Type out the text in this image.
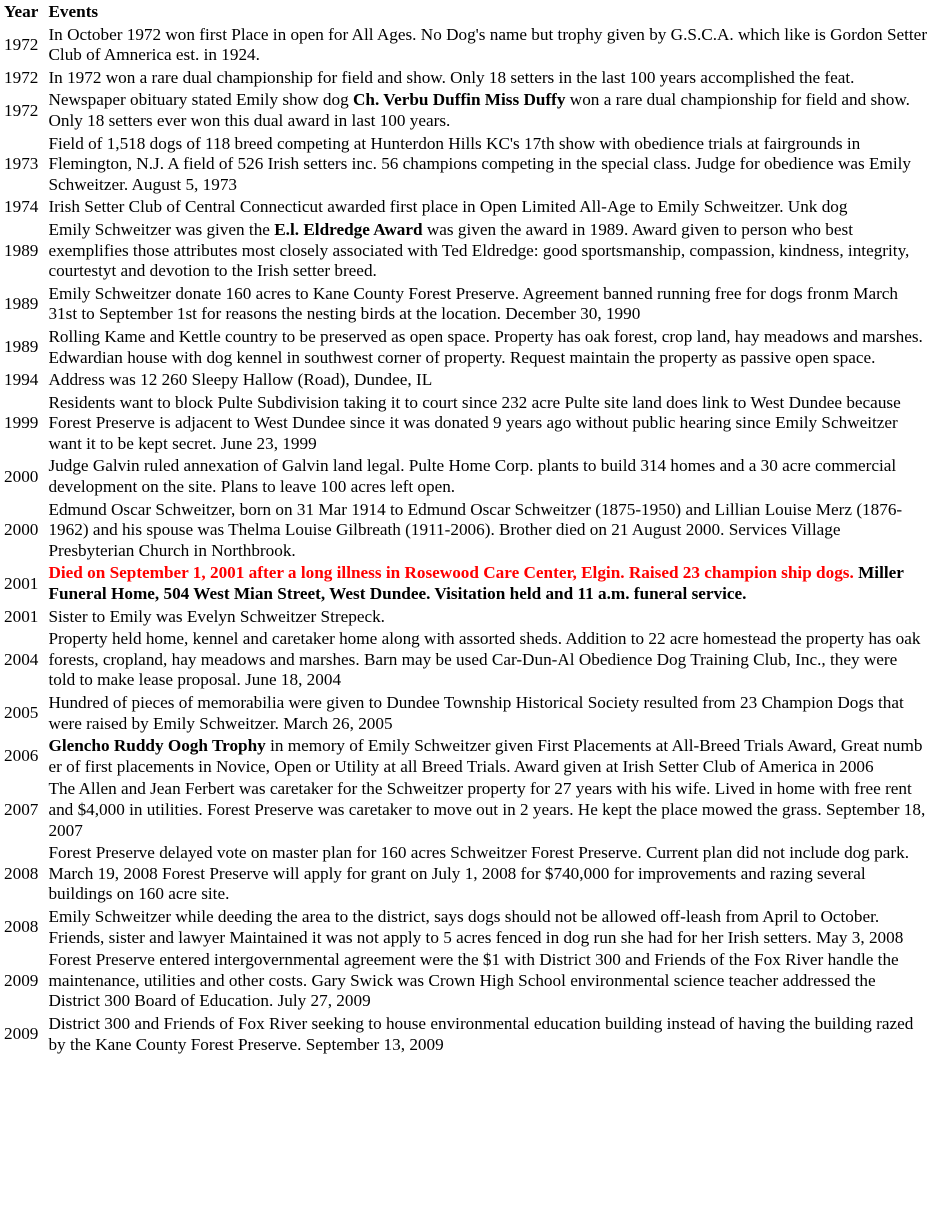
Year	Events
1972	In October 1972 won first Place in open for All Ages. No Dog's name but trophy given by G.S.C.A. which like is Gordon Setter Club of Amnerica est. in 1924.
1972	In 1972 won a rare dual championship for field and show. Only 18 setters in the last 100 years accomplished the feat.
1972	Newspaper obituary stated Emily show dog Ch. Verbu Duffin Miss Duffy won a rare dual championship for field and show. Only 18 setters ever won this dual award in last 100 years.
1973	Field of 1,518 dogs of 118 breed competing at Hunterdon Hills KC's 17th show with obedience trials at fairgrounds in Flemington, N.J. A field of 526 Irish setters inc. 56 champions competing in the special class. Judge for obedience was Emily Schweitzer. August 5, 1973
1974	Irish Setter Club of Central Connecticut awarded first place in Open Limited All-Age to Emily Schweitzer. Unk dog
1989	Emily Schweitzer was given the E.l. Eldredge Award was given the award in 1989. Award given to person who best exemplifies those attributes most closely associated with Ted Eldredge: good sportsmanship, compassion, kindness, integrity, courtestyt and devotion to the Irish setter breed.
1989	Emily Schweitzer donate 160 acres to Kane County Forest Preserve. Agreement banned running free for dogs fronm March 31st to September 1st for reasons the nesting birds at the location. December 30, 1990
1989	Rolling Kame and Kettle country to be preserved as open space. Property has oak forest, crop land, hay meadows and marshes. Edwardian house with dog kennel in southwest corner of property. Request maintain the property as passive open space.
1994	Address was 12 260 Sleepy Hallow (Road), Dundee, IL
1999	Residents want to block Pulte Subdivision taking it to court since 232 acre Pulte site land does link to West Dundee because Forest Preserve is adjacent to West Dundee since it was donated 9 years ago without public hearing since Emily Schweitzer want it to be kept secret. June 23, 1999
2000	Judge Galvin ruled annexation of Galvin land legal. Pulte Home Corp. plants to build 314 homes and a 30 acre commercial development on the site. Plans to leave 100 acres left open.
2000	Edmund Oscar Schweitzer, born on 31 Mar 1914 to Edmund Oscar Schweitzer (1875-1950) and Lillian Louise Merz (1876-1962) and his spouse was Thelma Louise Gilbreath (1911-2006). Brother died on 21 August 2000. Services Village Presbyterian Church in Northbrook.
2001	Died on September 1, 2001 after a long illness in Rosewood Care Center, Elgin. Raised 23 champion ship dogs. Miller Funeral Home, 504 West Mian Street, West Dundee. Visitation held and 11 a.m. funeral service.
2001	Sister to Emily was Evelyn Schweitzer Strepeck.
2004	Property held home, kennel and caretaker home along with assorted sheds. Addition to 22 acre homestead the property has oak forests, cropland, hay meadows and marshes. Barn may be used Car-Dun-Al Obedience Dog Training Club, Inc., they were told to make lease proposal. June 18, 2004
2005	Hundred of pieces of memorabilia were given to Dundee Township Historical Society resulted from 23 Champion Dogs that were raised by Emily Schweitzer. March 26, 2005
2006	Glencho Ruddy Oogh Trophy in memory of Emily Schweitzer given First Placements at All-Breed Trials Award, Great numb er of first placements in Novice, Open or Utility at all Breed Trials. Award given at Irish Setter Club of America in 2006
2007	The Allen and Jean Ferbert was caretaker for the Schweitzer property for 27 years with his wife. Lived in home with free rent and $4,000 in utilities. Forest Preserve was caretaker to move out in 2 years. He kept the place mowed the grass. September 18, 2007
2008	Forest Preserve delayed vote on master plan for 160 acres Schweitzer Forest Preserve. Current plan did not include dog park. March 19, 2008 Forest Preserve will apply for grant on July 1, 2008 for $740,000 for improvements and razing several buildings on 160 acre site.
2008	Emily Schweitzer while deeding the area to the district, says dogs should not be allowed off-leash from April to October. Friends, sister and lawyer Maintained it was not apply to 5 acres fenced in dog run she had for her Irish setters. May 3, 2008
2009	Forest Preserve entered intergovernmental agreement were the $1 with District 300 and Friends of the Fox River handle the maintenance, utilities and other costs. Gary Swick was Crown High School environmental science teacher addressed the District 300 Board of Education. July 27, 2009
2009	District 300 and Friends of Fox River seeking to house environmental education building instead of having the building razed by the Kane County Forest Preserve. September 13, 2009
